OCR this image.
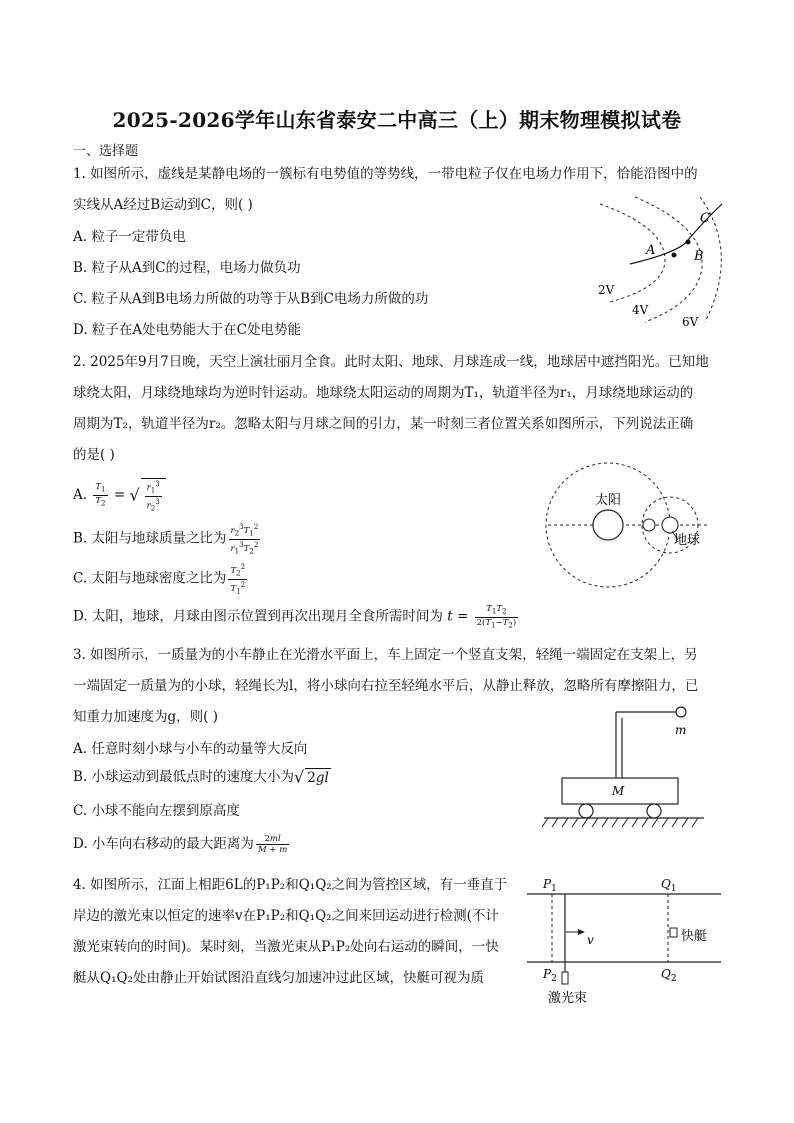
2025-2026学年山东省泰安二中高三（上）期末物理模拟试卷
一、选择题
1. 如图所示，虚线是某静电场的一簇标有电势值的等势线，一带电粒子仅在电场力作用下，恰能沿图中的
实线从A经过B运动到C，则( )
A. 粒子一定带负电
B. 粒子从A到C的过程，电场力做负功
C. 粒子从A到B电场力所做的功等于从B到C电场力所做的功
D. 粒子在A处电势能大于在C处电势能
A	B
C
2V
4V
6V
2. 2025年9月7日晚，天空上演壮丽月全食。此时太阳、地球、月球连成一线，地球居中遮挡阳光。已知地
球绕太阳，月球绕地球均为逆时针运动。地球绕太阳运动的周期为T₁，轨道半径为r₁，月球绕地球运动的
周期为T₂，轨道半径为r₂。忽略太阳与月球之间的引力，某一时刻三者位置关系如图所示，下列说法正确
的是( )
A. $\frac{T_1}{T_2}$ = √ $\frac{r_1^3}{r_2^3}$
B. 太阳与地球质量之比为 $\frac{r_2^3T_1^2}{r_1^3T_2^2}$
C. 太阳与地球密度之比为 $\frac{T_2^2}{T_1^2}$
D. 太阳，地球，月球由图示位置到再次出现月全食所需时间为 $t = \frac{T_1T_2}{2(T_1-T_2)}$
太阳
地球
3. 如图所示，一质量为的小车静止在光滑水平面上，车上固定一个竖直支架，轻绳一端固定在支架上，另
一端固定一质量为的小球，轻绳长为l，将小球向右拉至轻绳水平后，从静止释放，忽略所有摩擦阻力，已
知重力加速度为g，则( )
A. 任意时刻小球与小车的动量等大反向
B. 小球运动到最低点时的速度大小为√ 2gl
C. 小球不能向左摆到原高度
D. 小车向右移动的最大距离为 $\frac{2ml}{M + m}$
m
M
4. 如图所示，江面上相距6L的P₁P₂和Q₁Q₂之间为管控区域，有一垂直于
岸边的激光束以恒定的速率v在P₁P₂和Q₁Q₂之间来回运动进行检测(不计
激光束转向的时间)。某时刻，当激光束从P₁P₂处向右运动的瞬间，一快
艇从Q₁Q₂处由静止开始试图沿直线匀加速冲过此区域，快艇可视为质
v
$P_1$
$P_2$
$Q_1$
$Q_2$
快艇
激光束
